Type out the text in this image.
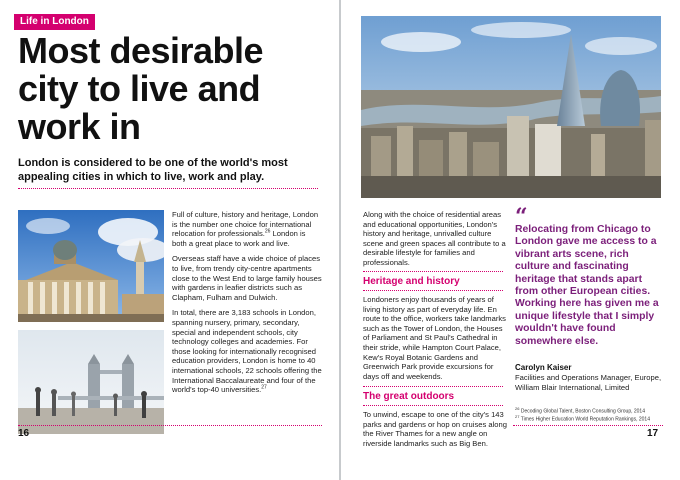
Life in London
Most desirable city to live and work in

London is considered to be one of the world's most appealing cities in which to live, work and play.

Full of culture, history and heritage, London is the number one choice for international relocation for professionals.$^{26}$ London is both a great place to work and live.

Overseas staff have a wide choice of places to live, from trendy city-centre apartments close to the West End to large family houses with gardens in leafier districts such as Clapham, Fulham and Dulwich.

In total, there are 3,183 schools in London, spanning nursery, primary, secondary, special and independent schools, city technology colleges and academies. For those looking for internationally recognised education providers, London is home to 40 international schools, 22 schools offering the International Baccalaureate and four of the world's top-40 universities.$^{27}$

16

Along with the choice of residential areas and educational opportunities, London's history and heritage, unrivalled culture scene and green spaces all contribute to a desirable lifestyle for families and professionals.

Heritage and history

Londoners enjoy thousands of years of living history as part of everyday life. En route to the office, workers take landmarks such as the Tower of London, the Houses of Parliament and St Paul's Cathedral in their stride, while Hampton Court Palace, Kew's Royal Botanic Gardens and Greenwich Park provide excursions for days off and weekends.

The great outdoors

To unwind, escape to one of the city's 143 parks and gardens or hop on cruises along the River Thames for a new angle on riverside landmarks such as Big Ben.

“

Relocating from Chicago to London gave me access to a vibrant arts scene, rich culture and fascinating heritage that stands apart from other European cities. Working here has given me a unique lifestyle that I simply wouldn't have found somewhere else.

Carolyn Kaiser

Facilities and Operations Manager, Europe, William Blair International, Limited

$^{26}$ Decoding Global Talent, Boston Consulting Group, 2014

$^{27}$ Times Higher Education World Reputation Rankings, 2014

17
